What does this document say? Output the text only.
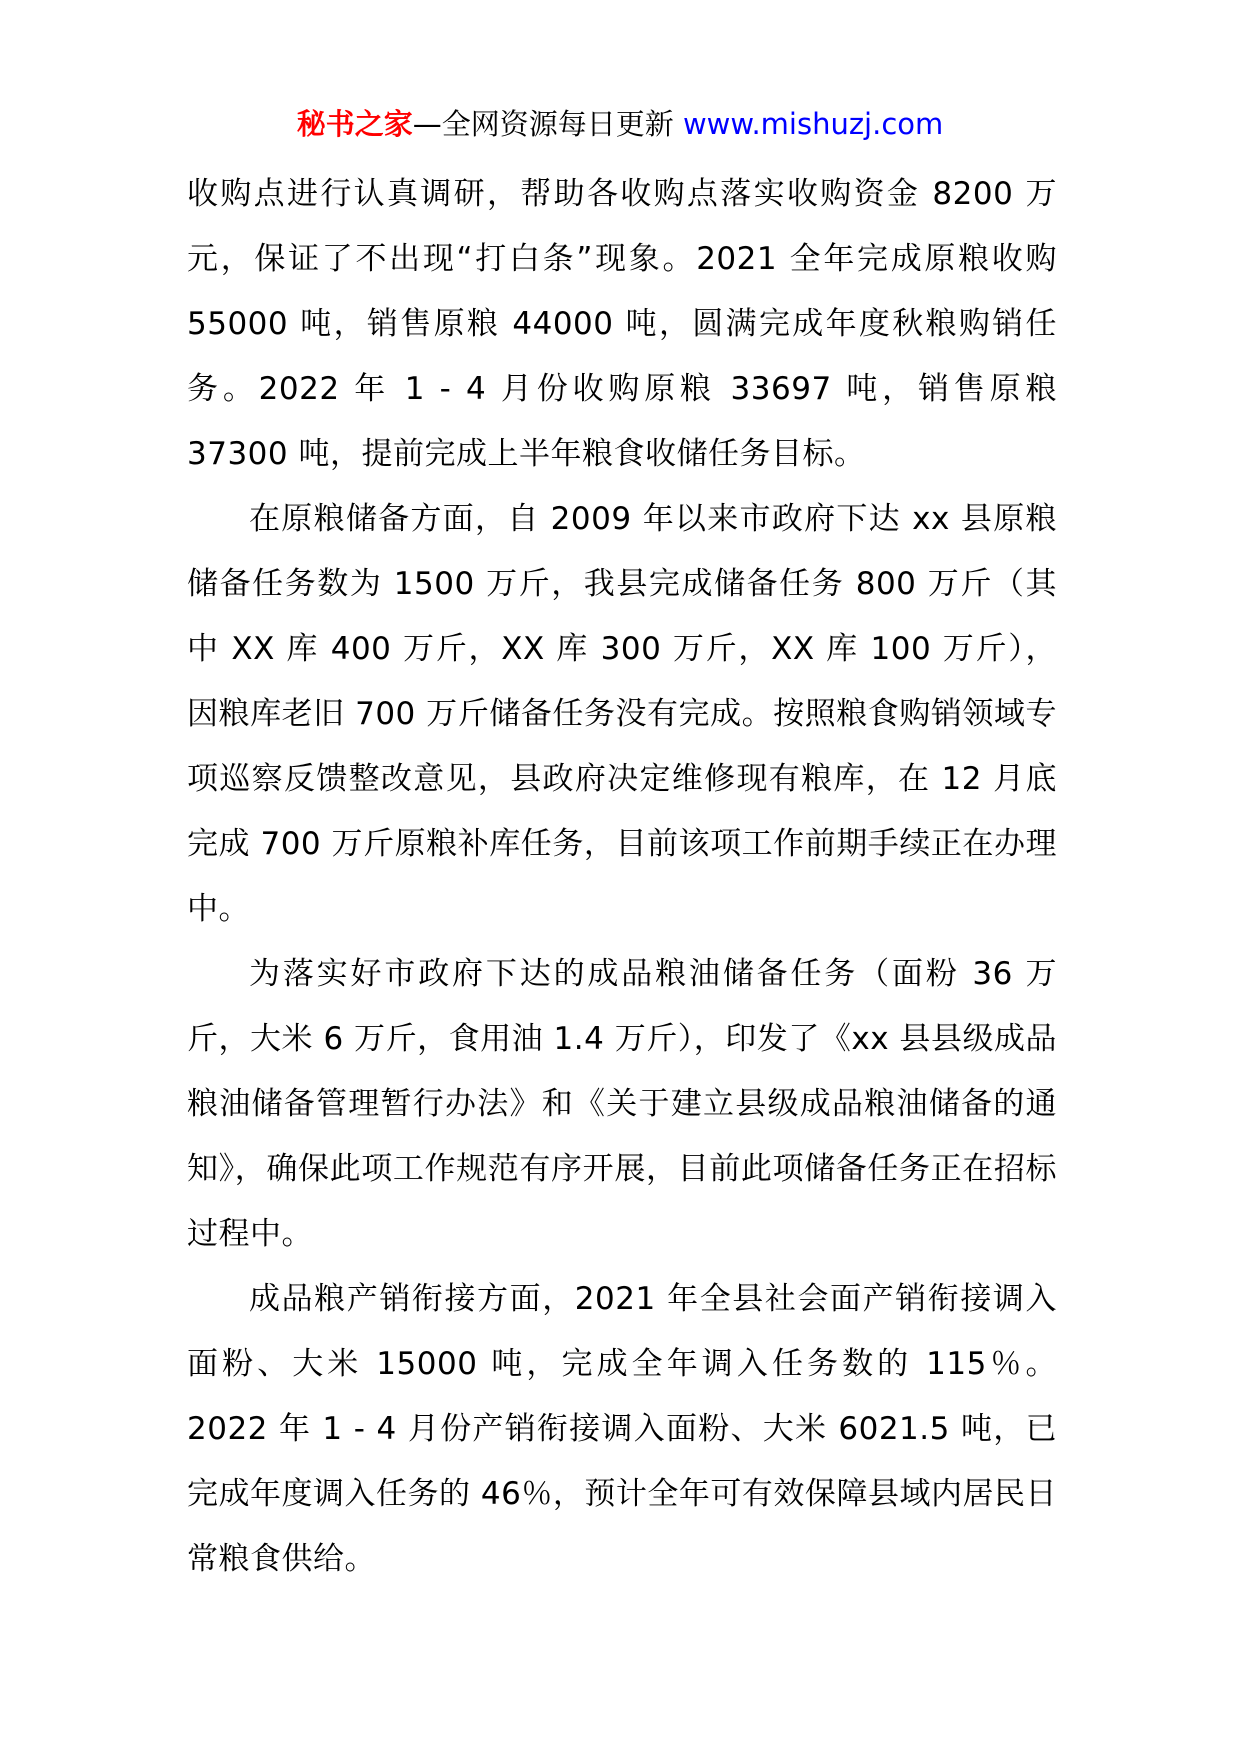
秘书之家—全网资源每日更新 www.mishuzj.com

收购点进行认真调研，帮助各收购点落实收购资金 8200 万元，保证了不出现“打白条”现象。2021 全年完成原粮收购 55000 吨，销售原粮 44000 吨，圆满完成年度秋粮购销任务。2022 年 1 - 4 月份收购原粮 33697 吨，销售原粮 37300 吨，提前完成上半年粮食收储任务目标。

在原粮储备方面，自 2009 年以来市政府下达 xx 县原粮储备任务数为 1500 万斤，我县完成储备任务 800 万斤（其中 XX 库 400 万斤，XX 库 300 万斤，XX 库 100 万斤），因粮库老旧 700 万斤储备任务没有完成。按照粮食购销领域专项巡察反馈整改意见，县政府决定维修现有粮库，在 12 月底完成 700 万斤原粮补库任务，目前该项工作前期手续正在办理中。

为落实好市政府下达的成品粮油储备任务（面粉 36 万斤，大米 6 万斤，食用油 1.4 万斤），印发了《xx 县县级成品粮油储备管理暂行办法》和《关于建立县级成品粮油储备的通知》，确保此项工作规范有序开展，目前此项储备任务正在招标过程中。

成品粮产销衔接方面，2021 年全县社会面产销衔接调入面粉、大米 15000 吨，完成全年调入任务数的 115％。2022 年 1 - 4 月份产销衔接调入面粉、大米 6021.5 吨，已完成年度调入任务的 46％，预计全年可有效保障县域内居民日常粮食供给。
